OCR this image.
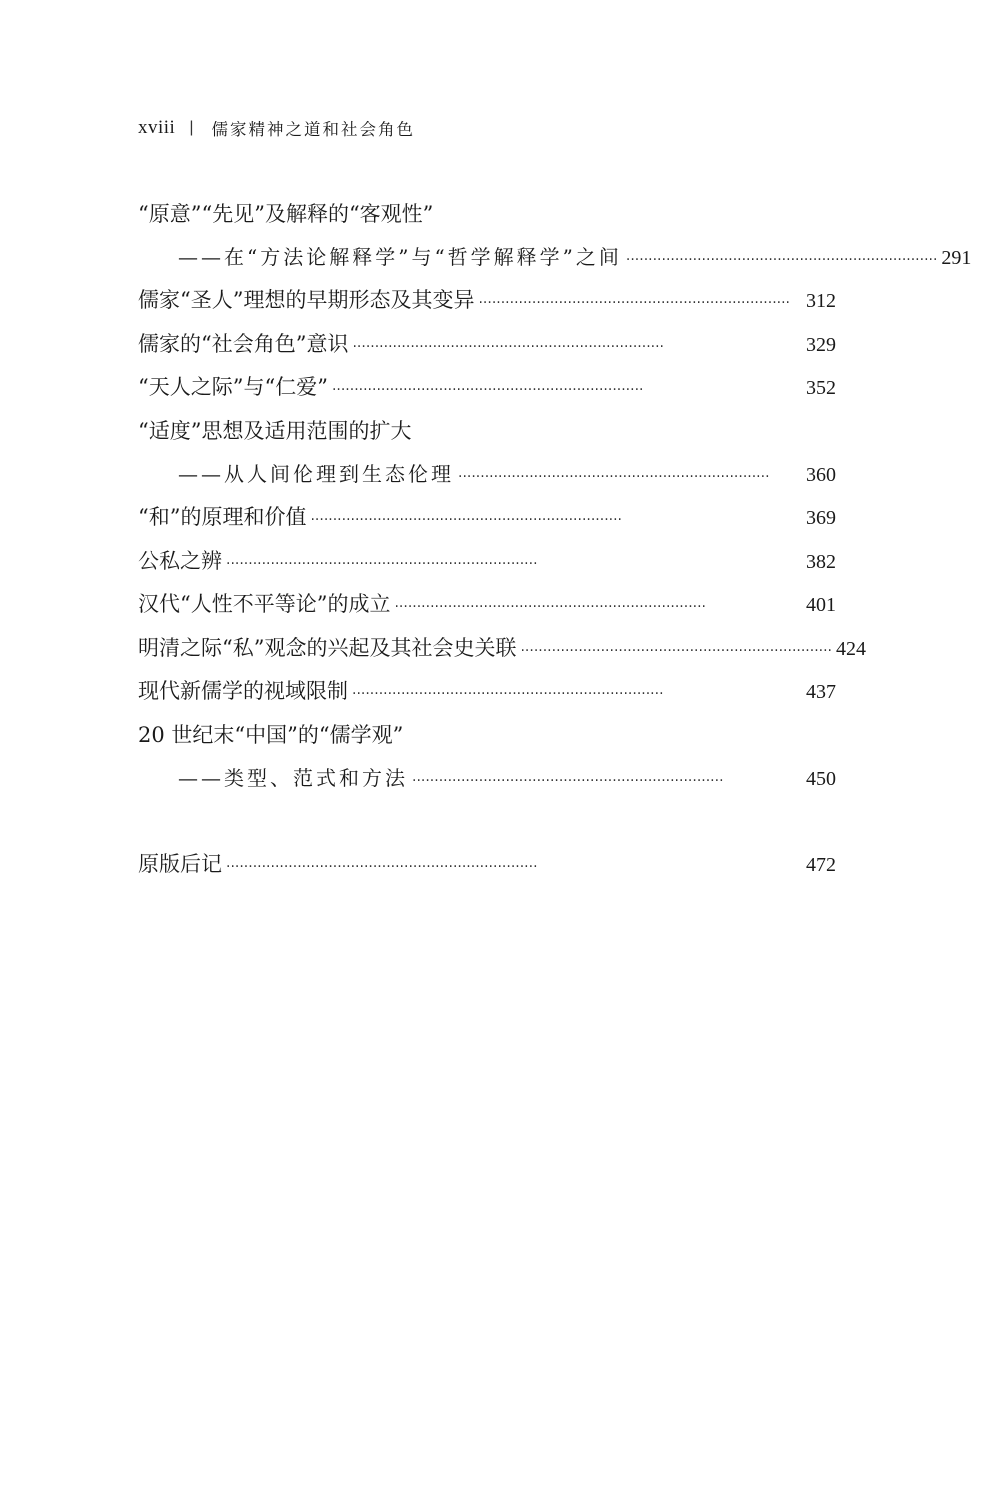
xviii | 儒家精神之道和社会角色
“原意”“先见”及解释的“客观性”
——在“方法论解释学”与“哲学解释学”之间 ······································································ 291
儒家“圣人”理想的早期形态及其变异 ······································································ 312
儒家的“社会角色”意识 ······································································	329
“天人之际”与“仁爱” ······································································	352
“适度”思想及适用范围的扩大
——从人间伦理到生态伦理 ······································································	360
“和”的原理和价值 ······································································	369
公私之辨 ······································································	382
汉代“人性不平等论”的成立 ······································································	401
明清之际“私”观念的兴起及其社会史关联 ······································································ 424
现代新儒学的视域限制 ······································································	437
20 世纪末“中国”的“儒学观”
——类型、范式和方法 ······································································	450
原版后记 ······································································	472
